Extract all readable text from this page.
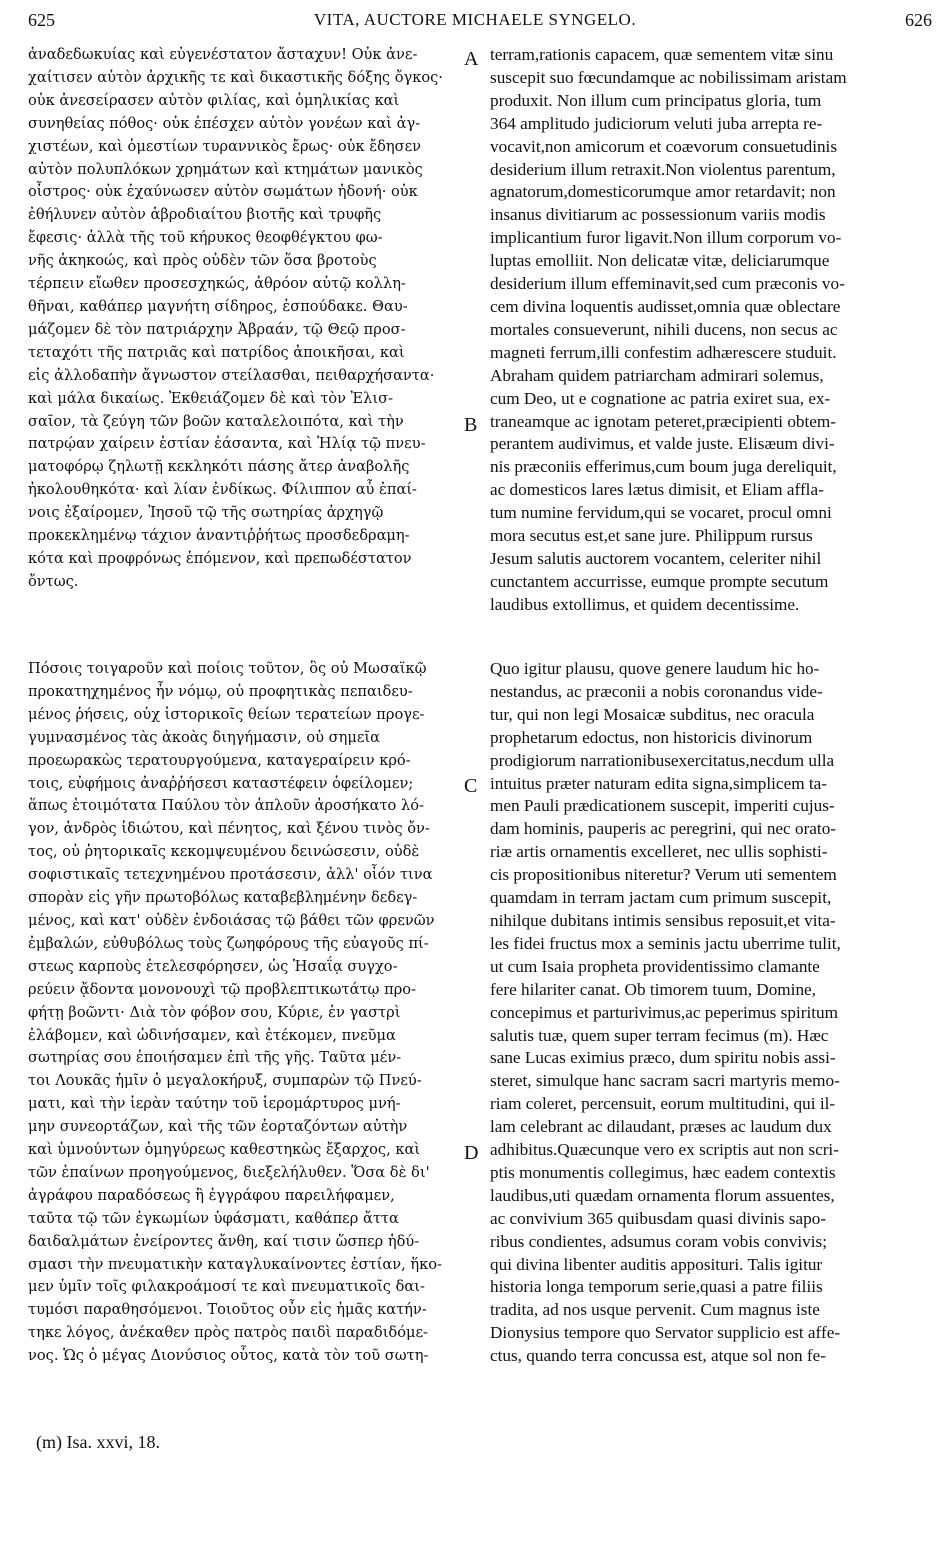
625	VITA, AUCTORE MICHAELE SYNGELO.	626
ἀναδεδωκυίας καὶ εὐγενέστατον ἄσταχυν! Οὐκ ἀνε-
χαίτισεν αὐτὸν ἀρχικῆς τε καὶ δικαστικῆς δόξης ὄγκος·
οὐκ ἀνεσείρασεν αὐτὸν φιλίας, καὶ ὁμηλικίας καὶ
συνηθείας πόθος· οὐκ ἐπέσχεν αὐτὸν γονέων καὶ ἀγ-
χιστέων, καὶ ὁμεστίων τυραννικὸς ἔρως· οὐκ ἔδησεν
αὐτὸν πολυπλόκων χρημάτων καὶ κτημάτων μανικὸς
οἶστρος· οὐκ ἐχαύνωσεν αὐτὸν σωμάτων ἡδονή· οὐκ
ἐθήλυνεν αὐτὸν ἁβροδιαίτου βιοτῆς καὶ τρυφῆς
ἔφεσις· ἀλλὰ τῆς τοῦ κήρυκος θεοφθέγκτου φω-
νῆς ἀκηκοώς, καὶ πρὸς οὐδὲν τῶν ὅσα βροτοὺς
τέρπειν εἴωθεν προσεσχηκώς, ἀθρόον αὐτῷ κολλη-
θῆναι, καθάπερ μαγνήτη σίδηρος, ἐσπούδακε. Θαυ-
μάζομεν δὲ τὸν πατριάρχην Ἀβραάν, τῷ Θεῷ προσ-
τεταχότι τῆς πατριᾶς καὶ πατρίδος ἀποικῆσαι, καὶ
εἰς ἀλλοδαπὴν ἄγνωστον στείλασθαι, πειθαρχήσαντα·
καὶ μάλα δικαίως. Ἐκθειάζομεν δὲ καὶ τὸν Ἐλισ-
σαῖον, τὰ ζεύγη τῶν βοῶν καταλελοιπότα, καὶ τὴν
πατρῴαν χαίρειν ἑστίαν ἐάσαντα, καὶ Ἠλίᾳ τῷ πνευ-
ματοφόρῳ ζηλωτῇ κεκληκότι πάσης ἄτερ ἀναβολῆς
ἠκολουθηκότα· καὶ λίαν ἐνδίκως. Φίλιππον αὖ ἐπαί-
νοις ἐξαίρομεν, Ἰησοῦ τῷ τῆς σωτηρίας ἀρχηγῷ
προκεκλημένῳ τάχιον ἀναντιῤῥήτως προσδεδραμη-
κότα καὶ προφρόνως ἑπόμενον, καὶ πρεπωδέστατον
ὄντως.
terram,rationis capacem, quæ sementem vitæ sinu
suscepit suo fœcundamque ac nobilissimam aristam
produxit. Non illum cum principatus gloria, tum
364 amplitudo judiciorum veluti juba arrepta re-
vocavit,non amicorum et coævorum consuetudinis
desiderium illum retraxit.Non violentus parentum,
agnatorum,domesticorumque amor retardavit; non
insanus divitiarum ac possessionum variis modis
implicantium furor ligavit.Non illum corporum vo-
luptas emolliit. Non delicatæ vitæ, deliciarumque
desiderium illum effeminavit,sed cum præconis vo-
cem divina loquentis audisset,omnia quæ oblectare
mortales consueverunt, nihili ducens, non secus ac
magneti ferrum,illi confestim adhærescere studuit.
Abraham quidem patriarcham admirari solemus,
cum Deo, ut e cognatione ac patria exiret sua, ex-
traneamque ac ignotam peteret,præcipienti obtem-
perantem audivimus, et valde juste. Elisæum divi-
nis præconiis efferimus,cum boum juga dereliquit,
ac domesticos lares lætus dimisit, et Eliam affla-
tum numine fervidum,qui se vocaret, procul omni
mora secutus est,et sane jure. Philippum rursus
Jesum salutis auctorem vocantem, celeriter nihil
cunctantem accurrisse, eumque prompte secutum
laudibus extollimus, et quidem decentissime.
Πόσοις τοιγαροῦν καὶ ποίοις τοῦτον, ὃς οὐ Μωσαϊκῷ
προκατηχημένος ἦν νόμῳ, οὐ προφητικὰς πεπαιδευ-
μένος ῥήσεις, οὐχ ἱστορικοῖς θείων τερατείων προγε-
γυμνασμένος τὰς ἀκοὰς διηγήμασιν, οὐ σημεῖα
προεωρακὼς τερατουργούμενα, καταγεραίρειν κρό-
τοις, εὐφήμοις ἀναῤῥήσεσι καταστέφειν ὀφείλομεν;
ἅπως ἑτοιμότατα Παύλου τὸν ἁπλοῦν ἀροσήκατο λό-
γον, ἀνδρὸς ἰδιώτου, καὶ πένητος, καὶ ξένου τινὸς ὄν-
τος, οὐ ῥητορικαῖς κεκομψευμένου δεινώσεσιν, οὐδὲ
σοφιστικαῖς τετεχνημένου προτάσεσιν, ἀλλ' οἷόν τινα
σπορὰν εἰς γῆν πρωτοβόλως καταβεβλημένην δεδεγ-
μένος, καὶ κατ' οὐδὲν ἐνδοιάσας τῷ βάθει τῶν φρενῶν
ἐμβαλών, εὐθυβόλως τοὺς ζωηφόρους τῆς εὐαγοῦς πί-
στεως καρποὺς ἐτελεσφόρησεν, ὡς Ἡσαΐᾳ συγχο-
ρεύειν ᾄδοντα μονονουχὶ τῷ προβλεπτικωτάτῳ προ-
φήτῃ βοῶντι· Διὰ τὸν φόβον σου, Κύριε, ἐν γαστρὶ
ἐλάβομεν, καὶ ὠδινήσαμεν, καὶ ἐτέκομεν, πνεῦμα
σωτηρίας σου ἐποιήσαμεν ἐπὶ τῆς γῆς. Ταῦτα μέν-
τοι Λουκᾶς ἡμῖν ὁ μεγαλοκήρυξ, συμπαρὼν τῷ Πνεύ-
ματι, καὶ τὴν ἱερὰν ταύτην τοῦ ἱερομάρτυρος μνή-
μην συνεορτάζων, καὶ τῆς τῶν ἑορταζόντων αὐτὴν
καὶ ὑμνούντων ὁμηγύρεως καθεστηκὼς ἔξαρχος, καὶ
τῶν ἐπαίνων προηγούμενος, διεξελήλυθεν. Ὅσα δὲ δι'
ἀγράφου παραδόσεως ἢ ἐγγράφου παρειλήφαμεν,
ταῦτα τῷ τῶν ἐγκωμίων ὑφάσματι, καθάπερ ἄττα
δαιδαλμάτων ἐνείροντες ἄνθη, καί τισιν ὥσπερ ἡδύ-
σμασι τὴν πνευματικὴν καταγλυκαίνοντες ἑστίαν, ἥκο-
μεν ὑμῖν τοῖς φιλακροάμοσί τε καὶ πνευματικοῖς δαι-
τυμόσι παραθησόμενοι. Τοιοῦτος οὖν εἰς ἡμᾶς κατήν-
τηκε λόγος, ἀνέκαθεν πρὸς πατρὸς παιδὶ παραδιδόμε-
νος. Ὡς ὁ μέγας Διονύσιος οὗτος, κατὰ τὸν τοῦ σωτη-
Quo igitur plausu, quove genere laudum hic ho-
nestandus, ac præconii a nobis coronandus vide-
tur, qui non legi Mosaicæ subditus, nec oracula
prophetarum edoctus, non historicis divinorum
prodigiorum narrationibusexercitatus,necdum ulla
intuitus præter naturam edita signa,simplicem ta-
men Pauli prædicationem suscepit, imperiti cujus-
dam hominis, pauperis ac peregrini, qui nec orato-
riæ artis ornamentis excelleret, nec ullis sophisti-
cis propositionibus niteretur? Verum uti sementem
quamdam in terram jactam cum primum suscepit,
nihilque dubitans intimis sensibus reposuit,et vita-
les fidei fructus mox a seminis jactu uberrime tulit,
ut cum Isaia propheta providentissimo clamante
fere hilariter canat. Ob timorem tuum, Domine,
concepimus et parturivimus,ac peperimus spiritum
salutis tuæ, quem super terram fecimus (m). Hæc
sane Lucas eximius præco, dum spiritu nobis assi-
steret, simulque hanc sacram sacri martyris memo-
riam coleret, percensuit, eorum multitudini, qui il-
lam celebrant ac dilaudant, præses ac laudum dux
adhibitus.Quæcunque vero ex scriptis aut non scri-
ptis monumentis collegimus, hæc eadem contextis
laudibus,uti quædam ornamenta florum assuentes,
ac convivium 365 quibusdam quasi divinis sapo-
ribus condientes, adsumus coram vobis convivis;
qui divina libenter auditis apposituri. Talis igitur
historia longa temporum serie,quasi a patre filiis
tradita, ad nos usque pervenit. Cum magnus iste
Dionysius tempore quo Servator supplicio est affe-
ctus, quando terra concussa est, atque sol non fe-
A
B
C
D
(m) Isa. xxvi, 18.
